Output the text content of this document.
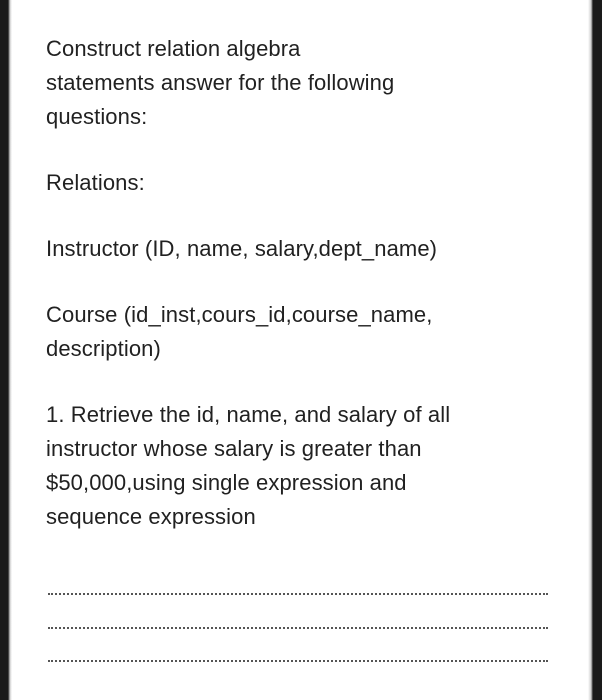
Construct relation algebra
statements answer for the following
questions:

Relations:

Instructor (ID, name, salary,dept_name)

Course (id_inst,cours_id,course_name,
description)

1. Retrieve the id, name, and salary of all
instructor whose salary is greater than
$50,000,using single expression and
sequence expression
